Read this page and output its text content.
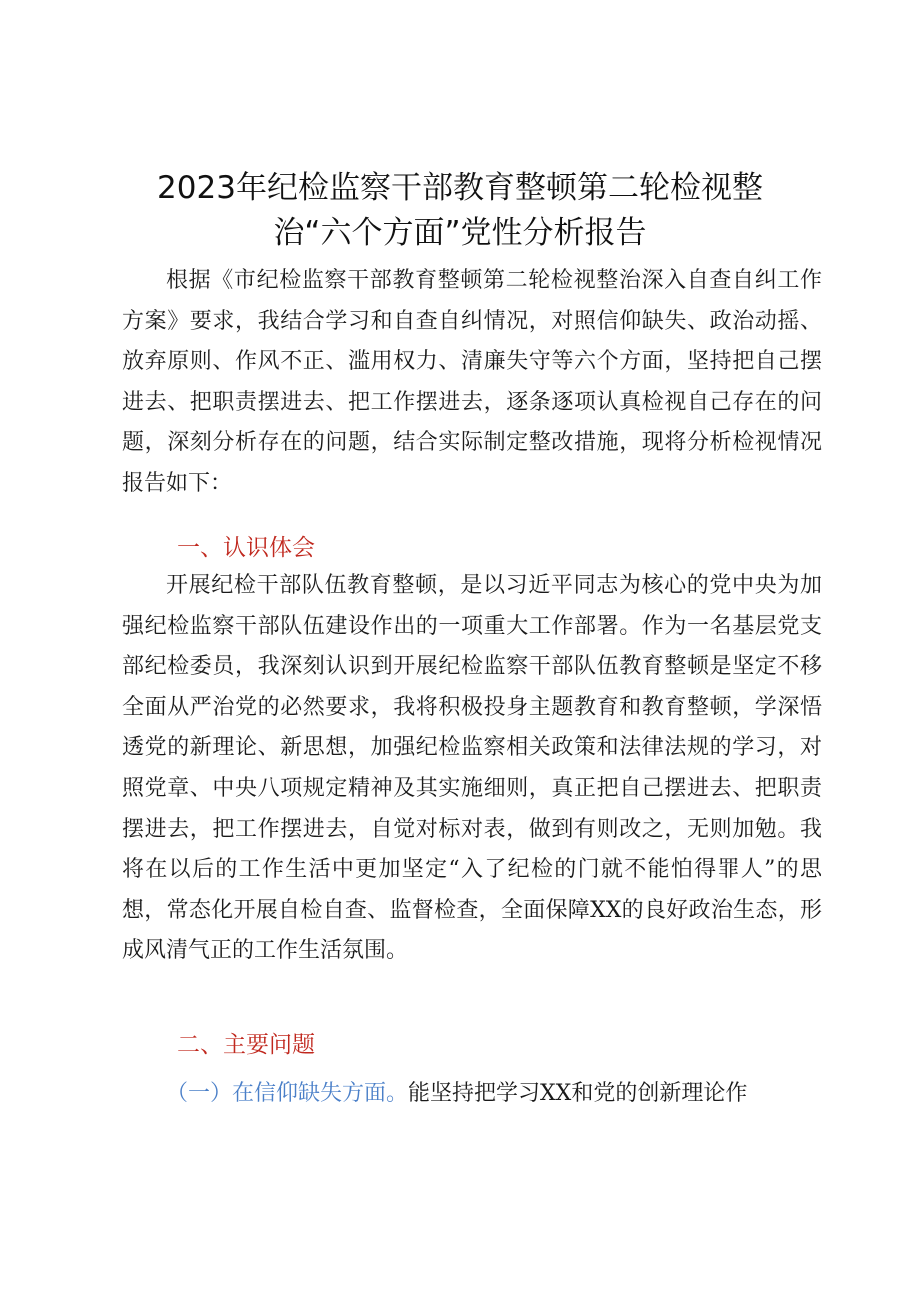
2023年纪检监察干部教育整顿第二轮检视整
治“六个方面”党性分析报告

根据《市纪检监察干部教育整顿第二轮检视整治深入自查自纠工作方案》要求，我结合学习和自查自纠情况，对照信仰缺失、政治动摇、放弃原则、作风不正、滥用权力、清廉失守等六个方面，坚持把自己摆进去、把职责摆进去、把工作摆进去，逐条逐项认真检视自己存在的问题，深刻分析存在的问题，结合实际制定整改措施，现将分析检视情况报告如下：

一、认识体会

开展纪检干部队伍教育整顿，是以习近平同志为核心的党中央为加强纪检监察干部队伍建设作出的一项重大工作部署。作为一名基层党支部纪检委员，我深刻认识到开展纪检监察干部队伍教育整顿是坚定不移全面从严治党的必然要求，我将积极投身主题教育和教育整顿，学深悟透党的新理论、新思想，加强纪检监察相关政策和法律法规的学习，对照党章、中央八项规定精神及其实施细则，真正把自己摆进去、把职责摆进去，把工作摆进去，自觉对标对表，做到有则改之，无则加勉。我将在以后的工作生活中更加坚定“入了纪检的门就不能怕得罪人”的思想，常态化开展自检自查、监督检查，全面保障XX的良好政治生态，形成风清气正的工作生活氛围。

二、主要问题
（一）在信仰缺失方面。能坚持把学习XX和党的创新理论作
